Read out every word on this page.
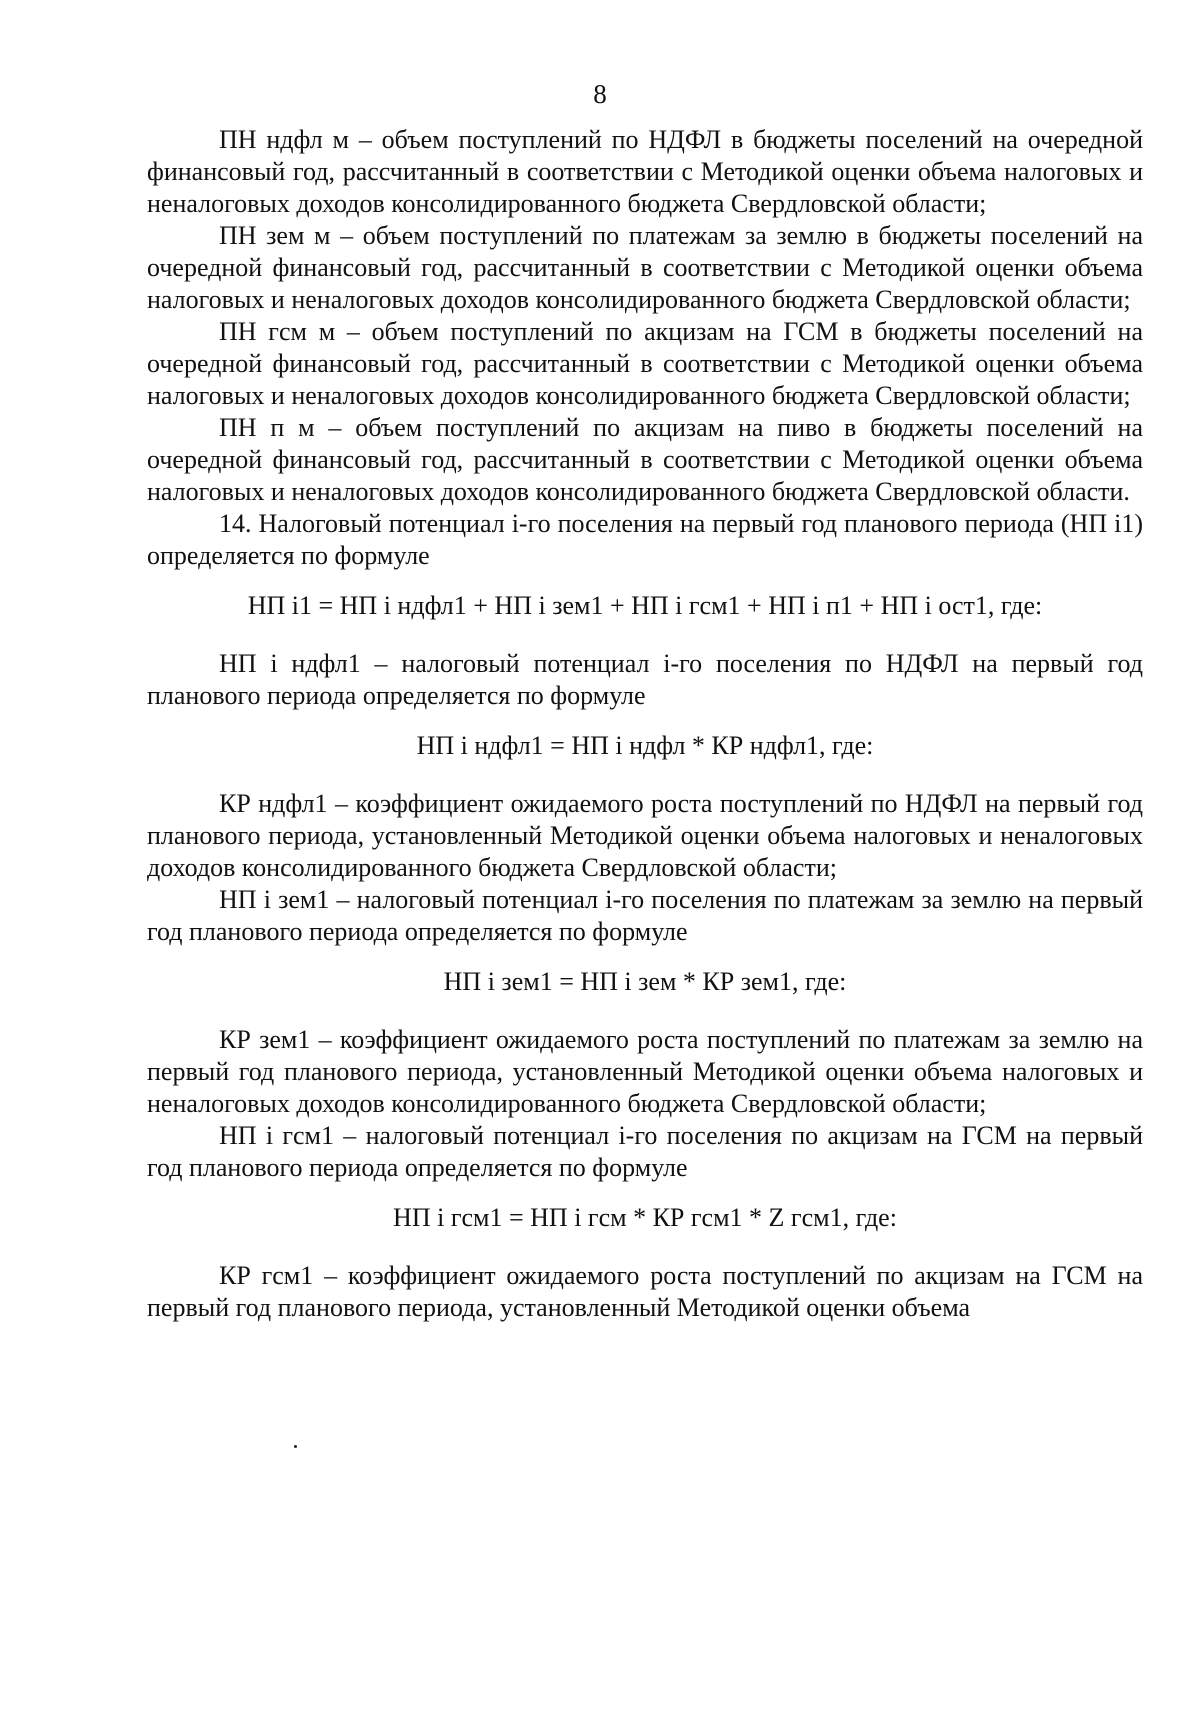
8

ПН ндфл м – объем поступлений по НДФЛ в бюджеты поселений на очередной финансовый год, рассчитанный в соответствии с Методикой оценки объема налоговых и неналоговых доходов консолидированного бюджета Свердловской области;

ПН зем м – объем поступлений по платежам за землю в бюджеты поселений на очередной финансовый год, рассчитанный в соответствии с Методикой оценки объема налоговых и неналоговых доходов консолидированного бюджета Свердловской области;

ПН гсм м – объем поступлений по акцизам на ГСМ в бюджеты поселений на очередной финансовый год, рассчитанный в соответствии с Методикой оценки объема налоговых и неналоговых доходов консолидированного бюджета Свердловской области;

ПН п м – объем поступлений по акцизам на пиво в бюджеты поселений на очередной финансовый год, рассчитанный в соответствии с Методикой оценки объема налоговых и неналоговых доходов консолидированного бюджета Свердловской области.

14. Налоговый потенциал i-го поселения на первый год планового периода (НП i1) определяется по формуле

НП i1 = НП i ндфл1 + НП i зем1 + НП i гсм1 + НП i п1 + НП i ост1, где:

НП i ндфл1 – налоговый потенциал i-го поселения по НДФЛ на первый год планового периода определяется по формуле

НП i ндфл1 = НП i ндфл * КР ндфл1, где:

КР ндфл1 – коэффициент ожидаемого роста поступлений по НДФЛ на первый год планового периода, установленный Методикой оценки объема налоговых и неналоговых доходов консолидированного бюджета Свердловской области;

НП i зем1 – налоговый потенциал i-го поселения по платежам за землю на первый год планового периода определяется по формуле

НП i зем1 = НП i зем * КР зем1, где:

КР зем1 – коэффициент ожидаемого роста поступлений по платежам за землю на первый год планового периода, установленный Методикой оценки объема налоговых и неналоговых доходов консолидированного бюджета Свердловской области;

НП i гсм1 – налоговый потенциал i-го поселения по акцизам на ГСМ на первый год планового периода определяется по формуле

НП i гсм1 = НП i гсм * КР гсм1 * Z гсм1, где:

КР гсм1 – коэффициент ожидаемого роста поступлений по акцизам на ГСМ на первый год планового периода, установленный Методикой оценки объема
